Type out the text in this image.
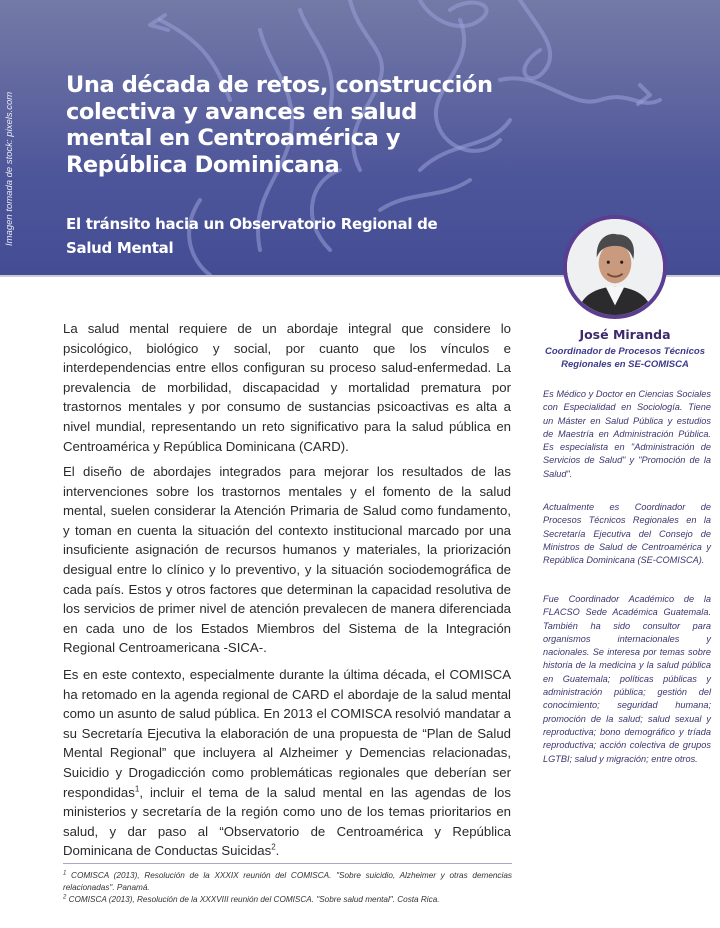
Imagen tomada de stock: pixels.com
Una década de retos, construcción colectiva y avances en salud mental en Centroamérica y República Dominicana
El tránsito hacia un Observatorio Regional de Salud Mental
José Miranda
Coordinador de Procesos Técnicos Regionales en SE-COMISCA

Es Médico y Doctor en Ciencias Sociales con Especialidad en Sociología. Tiene un Máster en Salud Pública y estudios de Maestría en Administración Pública. Es especialista en "Administración de Servicios de Salud" y "Promoción de la Salud".

Actualmente es Coordinador de Procesos Técnicos Regionales en la Secretaría Ejecutiva del Consejo de Ministros de Salud de Centroamérica y República Dominicana (SE-COMISCA).

Fue Coordinador Académico de la FLACSO Sede Académica Guatemala. También ha sido consultor para organismos internacionales y nacionales. Se interesa por temas sobre historia de la medicina y la salud pública en Guatemala; políticas públicas y administración pública; gestión del conocimiento; seguridad humana; promoción de la salud; salud sexual y reproductiva; bono demográfico y tríada reproductiva; acción colectiva de grupos LGTBI; salud y migración; entre otros.

La salud mental requiere de un abordaje integral que considere lo psicológico, biológico y social, por cuanto que los vínculos e interdependencias entre ellos configuran su proceso salud-enfermedad. La prevalencia de morbilidad, discapacidad y mortalidad prematura por trastornos mentales y por consumo de sustancias psicoactivas es alta a nivel mundial, representando un reto significativo para la salud pública en Centroamérica y República Dominicana (CARD).

El diseño de abordajes integrados para mejorar los resultados de las intervenciones sobre los trastornos mentales y el fomento de la salud mental, suelen considerar la Atención Primaria de Salud como fundamento, y toman en cuenta la situación del contexto institucional marcado por una insuficiente asignación de recursos humanos y materiales, la priorización desigual entre lo clínico y lo preventivo, y la situación sociodemográfica de cada país. Estos y otros factores que determinan la capacidad resolutiva de los servicios de primer nivel de atención prevalecen de manera diferenciada en cada uno de los Estados Miembros del Sistema de la Integración Regional Centroamericana -SICA-.

Es en este contexto, especialmente durante la última década, el COMISCA ha retomado en la agenda regional de CARD el abordaje de la salud mental como un asunto de salud pública. En 2013 el COMISCA resolvió mandatar a su Secretaría Ejecutiva la elaboración de una propuesta de “Plan de Salud Mental Regional” que incluyera al Alzheimer y Demencias relacionadas, Suicidio y Drogadicción como problemáticas regionales que deberían ser respondidas$^1$, incluir el tema de la salud mental en las agendas de los ministerios y secretaría de la región como uno de los temas prioritarios en salud, y dar paso al “Observatorio de Centroamérica y República Dominicana de Conductas Suicidas$^2$.

$^1$ COMISCA (2013), Resolución de la XXXIX reunión del COMISCA. "Sobre suicidio, Alzheimer y otras demencias relacionadas". Panamá.
$^2$ COMISCA (2013), Resolución de la XXXVIII reunión del COMISCA. "Sobre salud mental". Costa Rica.
